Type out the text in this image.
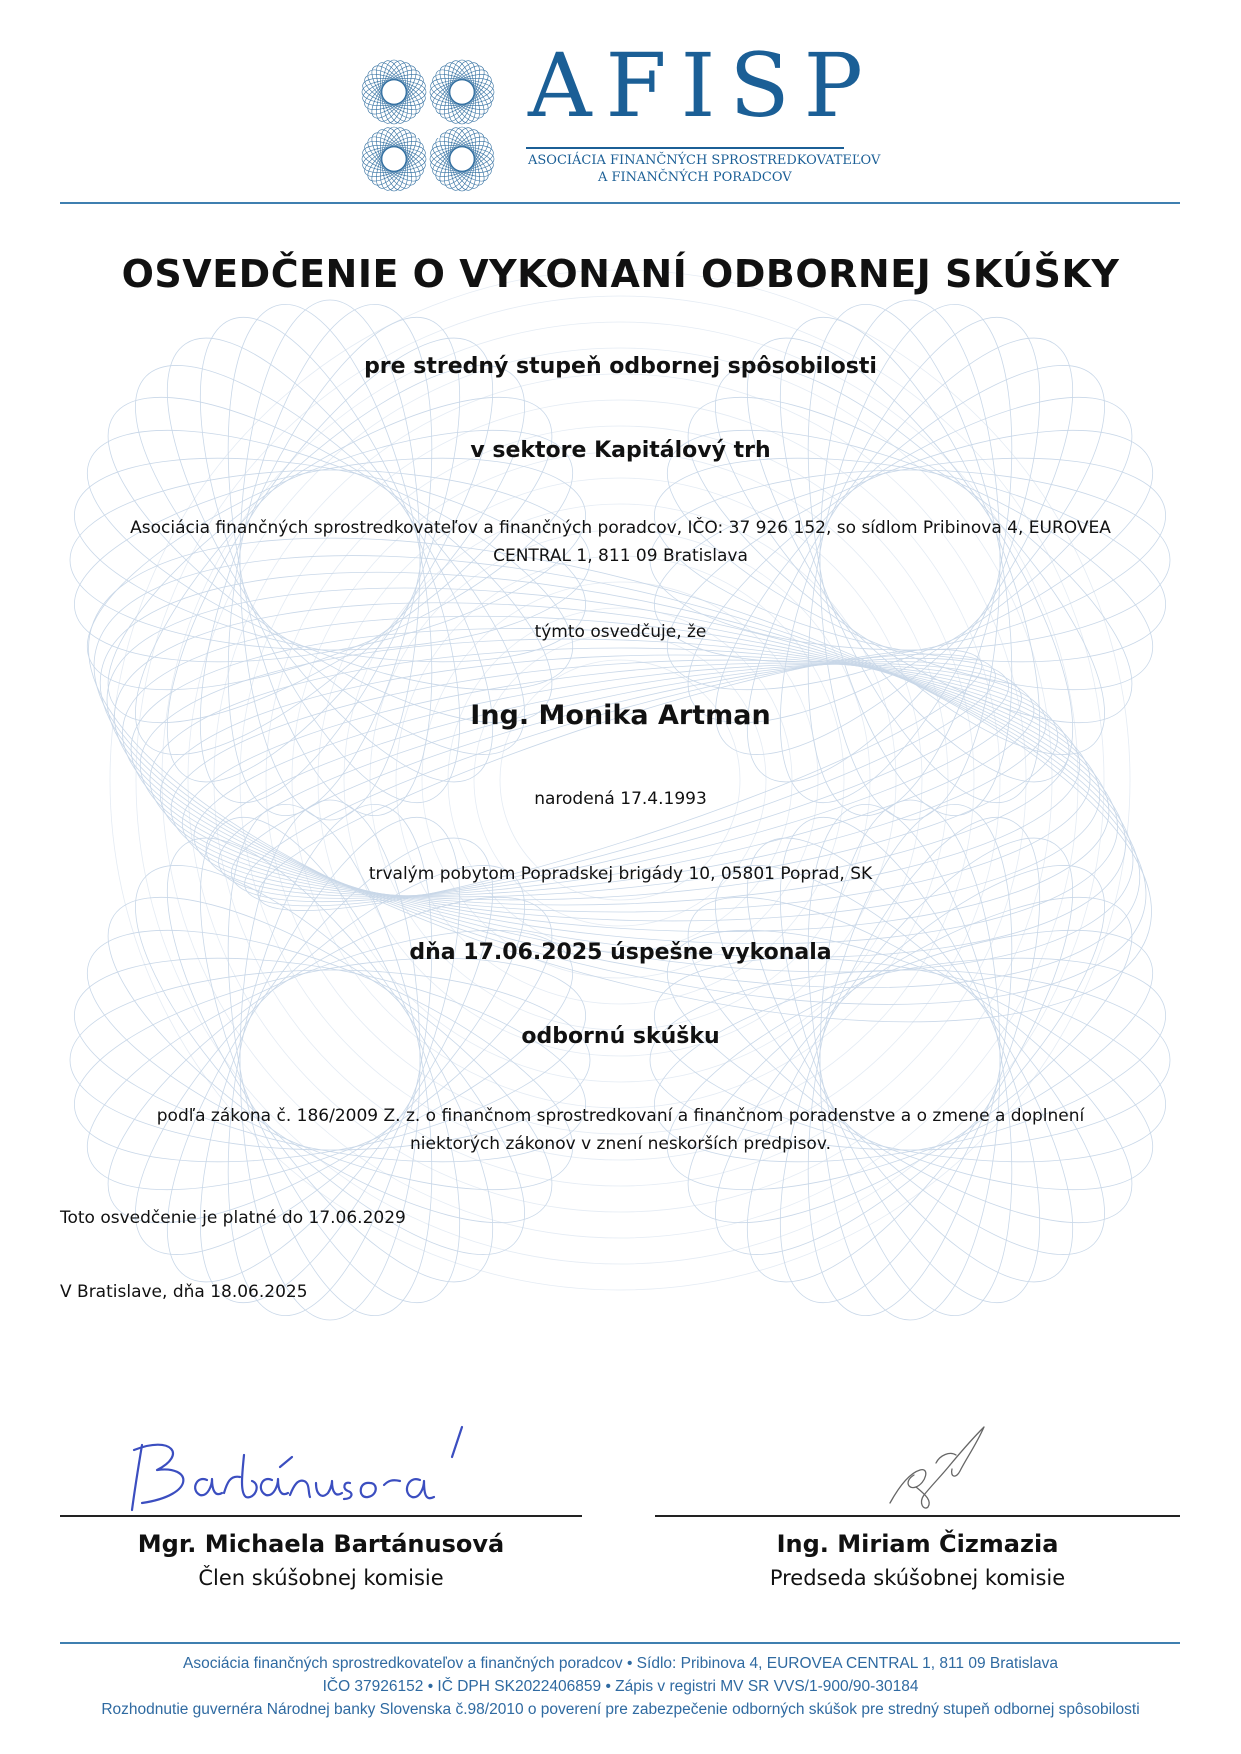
AFISP
ASOCIÁCIA FINANČNÝCH SPROSTREDKOVATEĽOV
A FINANČNÝCH PORADCOV
OSVEDČENIE O VYKONANÍ ODBORNEJ SKÚŠKY
pre stredný stupeň odbornej spôsobilosti
v sektore Kapitálový trh
Asociácia finančných sprostredkovateľov a finančných poradcov, IČO: 37 926 152, so sídlom Pribinova 4, EUROVEA
CENTRAL 1, 811 09 Bratislava
týmto osvedčuje, že
Ing. Monika Artman
narodená 17.4.1993
trvalým pobytom Popradskej brigády 10, 05801 Poprad, SK
dňa 17.06.2025 úspešne vykonala
odbornú skúšku
podľa zákona č. 186/2009 Z. z. o finančnom sprostredkovaní a finančnom poradenstve a o zmene a doplnení
niektorých zákonov v znení neskorších predpisov.
Toto osvedčenie je platné do 17.06.2029
V Bratislave, dňa 18.06.2025
Mgr. Michaela Bartánusová
Člen skúšobnej komisie
Ing. Miriam Čizmazia
Predseda skúšobnej komisie
Asociácia finančných sprostredkovateľov a finančných poradcov • Sídlo: Pribinova 4, EUROVEA CENTRAL 1, 811 09 Bratislava
IČO 37926152 • IČ DPH SK2022406859 • Zápis v registri MV SR VVS/1-900/90-30184
Rozhodnutie guvernéra Národnej banky Slovenska č.98/2010 o poverení pre zabezpečenie odborných skúšok pre stredný stupeň odbornej spôsobilosti
